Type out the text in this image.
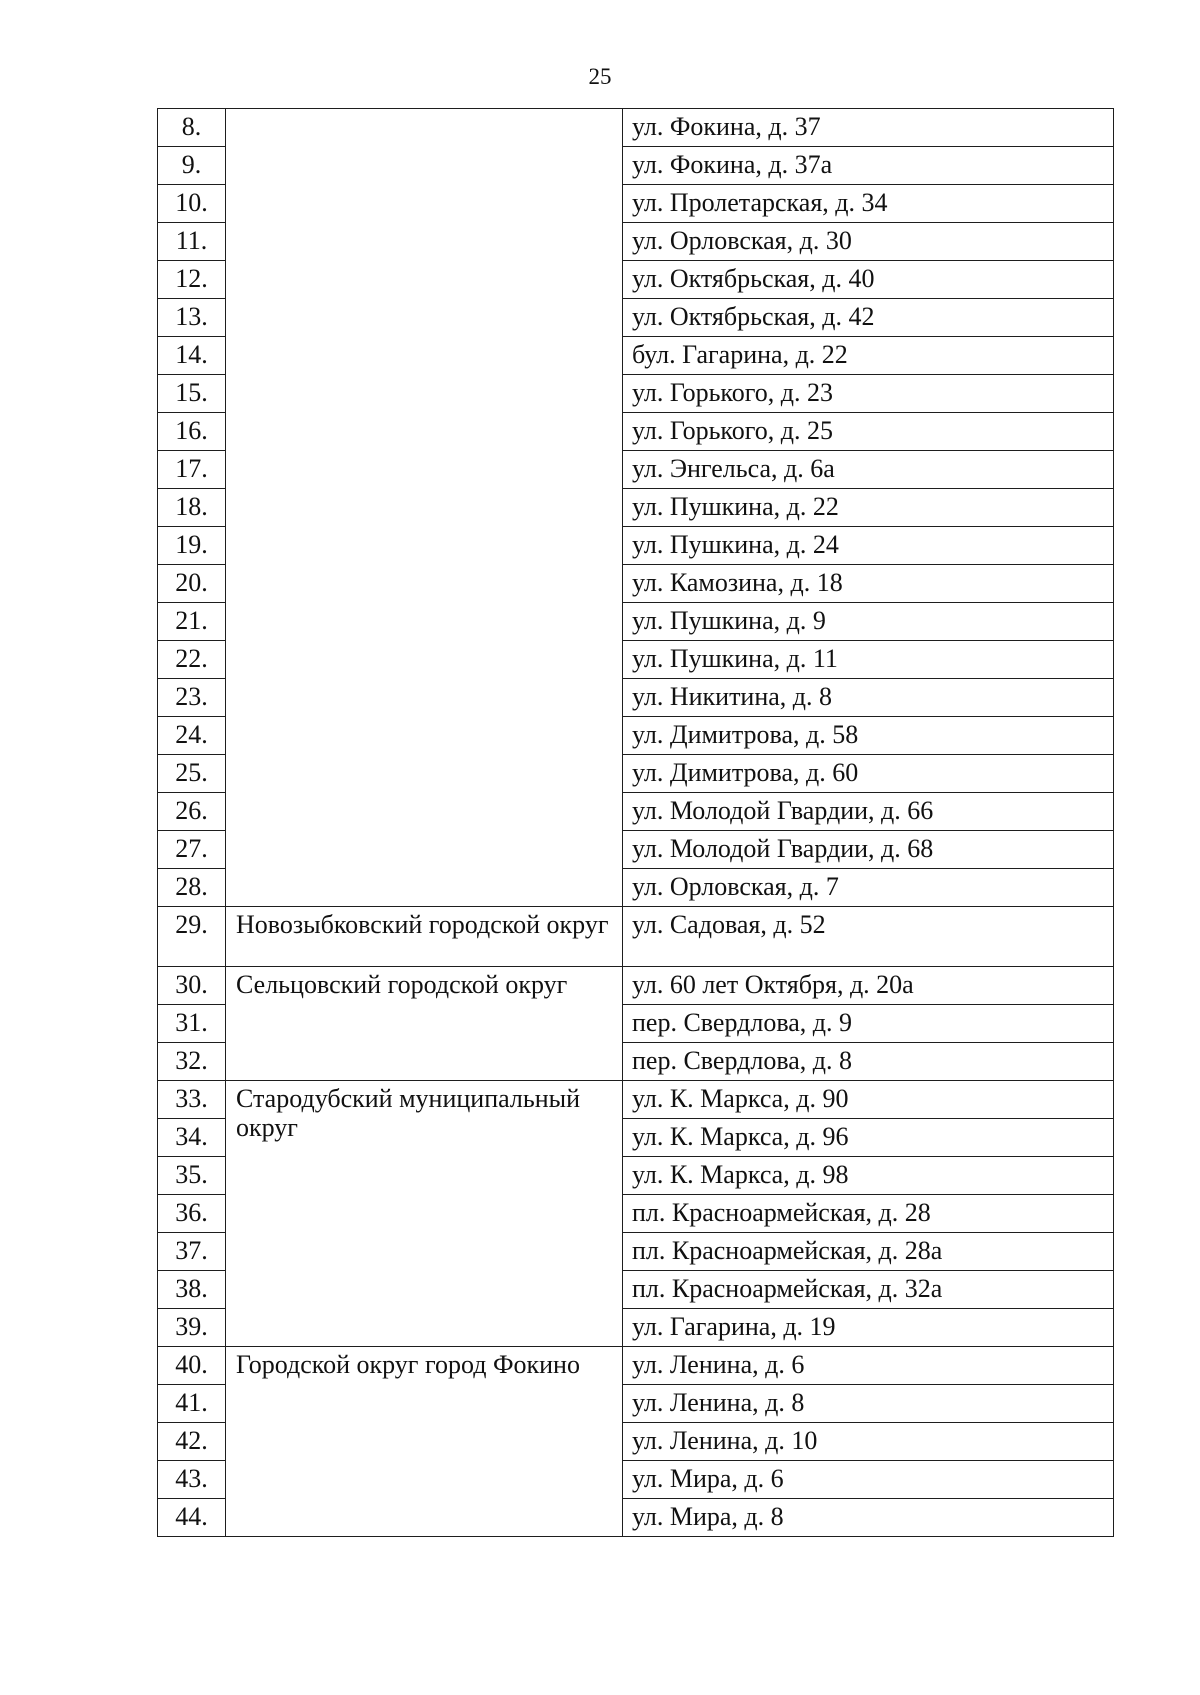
25
8.		ул. Фокина, д. 37
9.		ул. Фокина, д. 37а
10.		ул. Пролетарская, д. 34
11.		ул. Орловская, д. 30
12.		ул. Октябрьская, д. 40
13.		ул. Октябрьская, д. 42
14.		бул. Гагарина, д. 22
15.		ул. Горького, д. 23
16.		ул. Горького, д. 25
17.		ул. Энгельса, д. 6а
18.		ул. Пушкина, д. 22
19.		ул. Пушкина, д. 24
20.		ул. Камозина, д. 18
21.		ул. Пушкина, д. 9
22.		ул. Пушкина, д. 11
23.		ул. Никитина, д. 8
24.		ул. Димитрова, д. 58
25.		ул. Димитрова, д. 60
26.		ул. Молодой Гвардии, д. 66
27.		ул. Молодой Гвардии, д. 68
28.		ул. Орловская, д. 7
29.	Новозыбковский городской округ	ул. Садовая, д. 52
30.	Сельцовский городской округ	ул. 60 лет Октября, д. 20а
31.		пер. Свердлова, д. 9
32.		пер. Свердлова, д. 8
33.	Стародубский муниципальный округ	ул. К. Маркса, д. 90
34.		ул. К. Маркса, д. 96
35.		ул. К. Маркса, д. 98
36.		пл. Красноармейская, д. 28
37.		пл. Красноармейская, д. 28а
38.		пл. Красноармейская, д. 32а
39.		ул. Гагарина, д. 19
40.	Городской округ город Фокино	ул. Ленина, д. 6
41.		ул. Ленина, д. 8
42.		ул. Ленина, д. 10
43.		ул. Мира, д. 6
44.		ул. Мира, д. 8
